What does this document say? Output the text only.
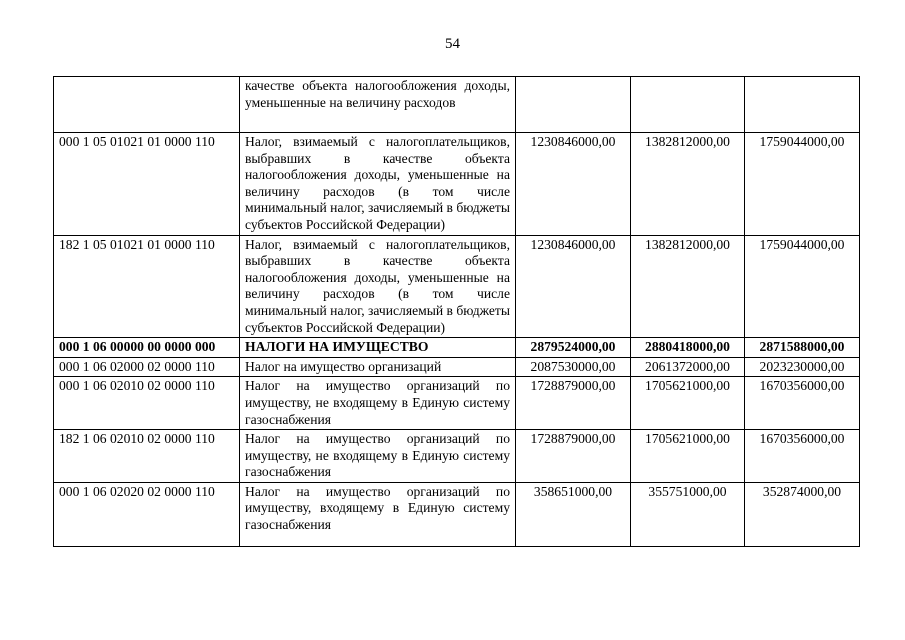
54
	качестве объекта налогообложения доходы, уменьшенные на величину расходов			
000 1 05 01021 01 0000 110	Налог, взимаемый с налогоплательщиков, выбравших в качестве объекта налогообложения доходы, уменьшенные на величину расходов (в том числе минимальный налог, зачисляемый в бюджеты субъектов Российской Федерации)	1230846000,00	1382812000,00	1759044000,00
182 1 05 01021 01 0000 110	Налог, взимаемый с налогоплательщиков, выбравших в качестве объекта налогообложения доходы, уменьшенные на величину расходов (в том числе минимальный налог, зачисляемый в бюджеты субъектов Российской Федерации)	1230846000,00	1382812000,00	1759044000,00
000 1 06 00000 00 0000 000	НАЛОГИ НА ИМУЩЕСТВО	2879524000,00	2880418000,00	2871588000,00
000 1 06 02000 02 0000 110	Налог на имущество организаций	2087530000,00	2061372000,00	2023230000,00
000 1 06 02010 02 0000 110	Налог на имущество организаций по имуществу, не входящему в Единую систему газоснабжения	1728879000,00	1705621000,00	1670356000,00
182 1 06 02010 02 0000 110	Налог на имущество организаций по имуществу, не входящему в Единую систему газоснабжения	1728879000,00	1705621000,00	1670356000,00
000 1 06 02020 02 0000 110	Налог на имущество организаций по имуществу, входящему в Единую систему газоснабжения	358651000,00	355751000,00	352874000,00
